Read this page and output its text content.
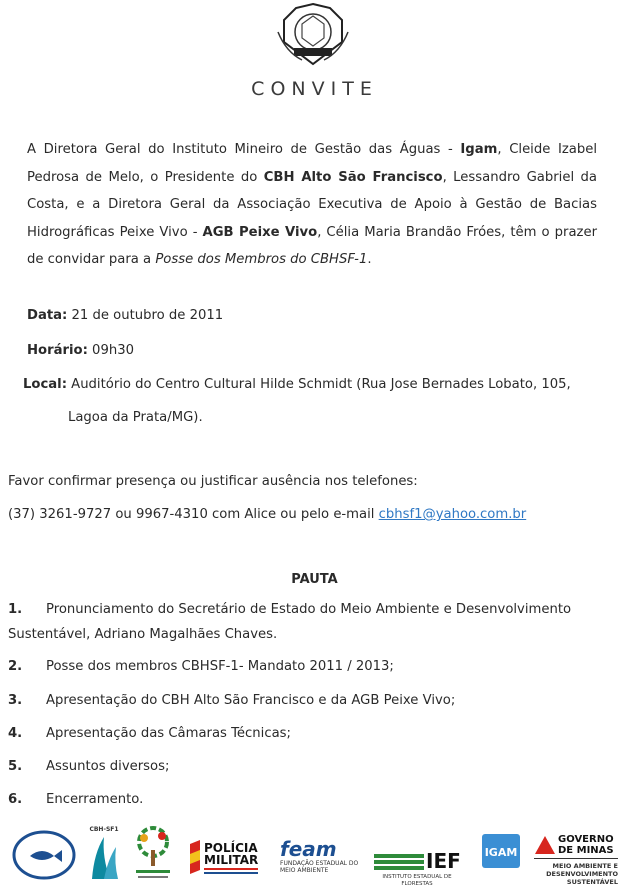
CONVITE
A Diretora Geral do Instituto Mineiro de Gestão das Águas - Igam, Cleide Izabel Pedrosa de Melo, o Presidente do CBH Alto São Francisco, Lessandro Gabriel da Costa, e a Diretora Geral da Associação Executiva de Apoio à Gestão de Bacias Hidrográficas Peixe Vivo - AGB Peixe Vivo, Célia Maria Brandão Fróes, têm o prazer de convidar para a Posse dos Membros do CBHSF-1.
Data: 21 de outubro de 2011
Horário: 09h30
Local: Auditório do Centro Cultural Hilde Schmidt (Rua Jose Bernades Lobato, 105,
Lagoa da Prata/MG).
Favor confirmar presença ou justificar ausência nos telefones:
(37) 3261-9727 ou 9967-4310 com Alice ou pelo e-mail cbhsf1@yahoo.com.br
PAUTA
1. Pronunciamento do Secretário de Estado do Meio Ambiente e Desenvolvimento Sustentável, Adriano Magalhães Chaves.
2. Posse dos membros CBHSF-1- Mandato 2011 / 2013;
3. Apresentação do CBH Alto São Francisco e da AGB Peixe Vivo;
4. Apresentação das Câmaras Técnicas;
5. Assuntos diversos;
6. Encerramento.
CBH-SF1
POLÍCIA
MILITAR feam
FUNDAÇÃO ESTADUAL DO MEIO AMBIENTE	IEF
INSTITUTO ESTADUAL DE FLORESTAS
IGAM
GOVERNO
DE MINAS
MEIO AMBIENTE E DESENVOLVIMENTO SUSTENTÁVEL
